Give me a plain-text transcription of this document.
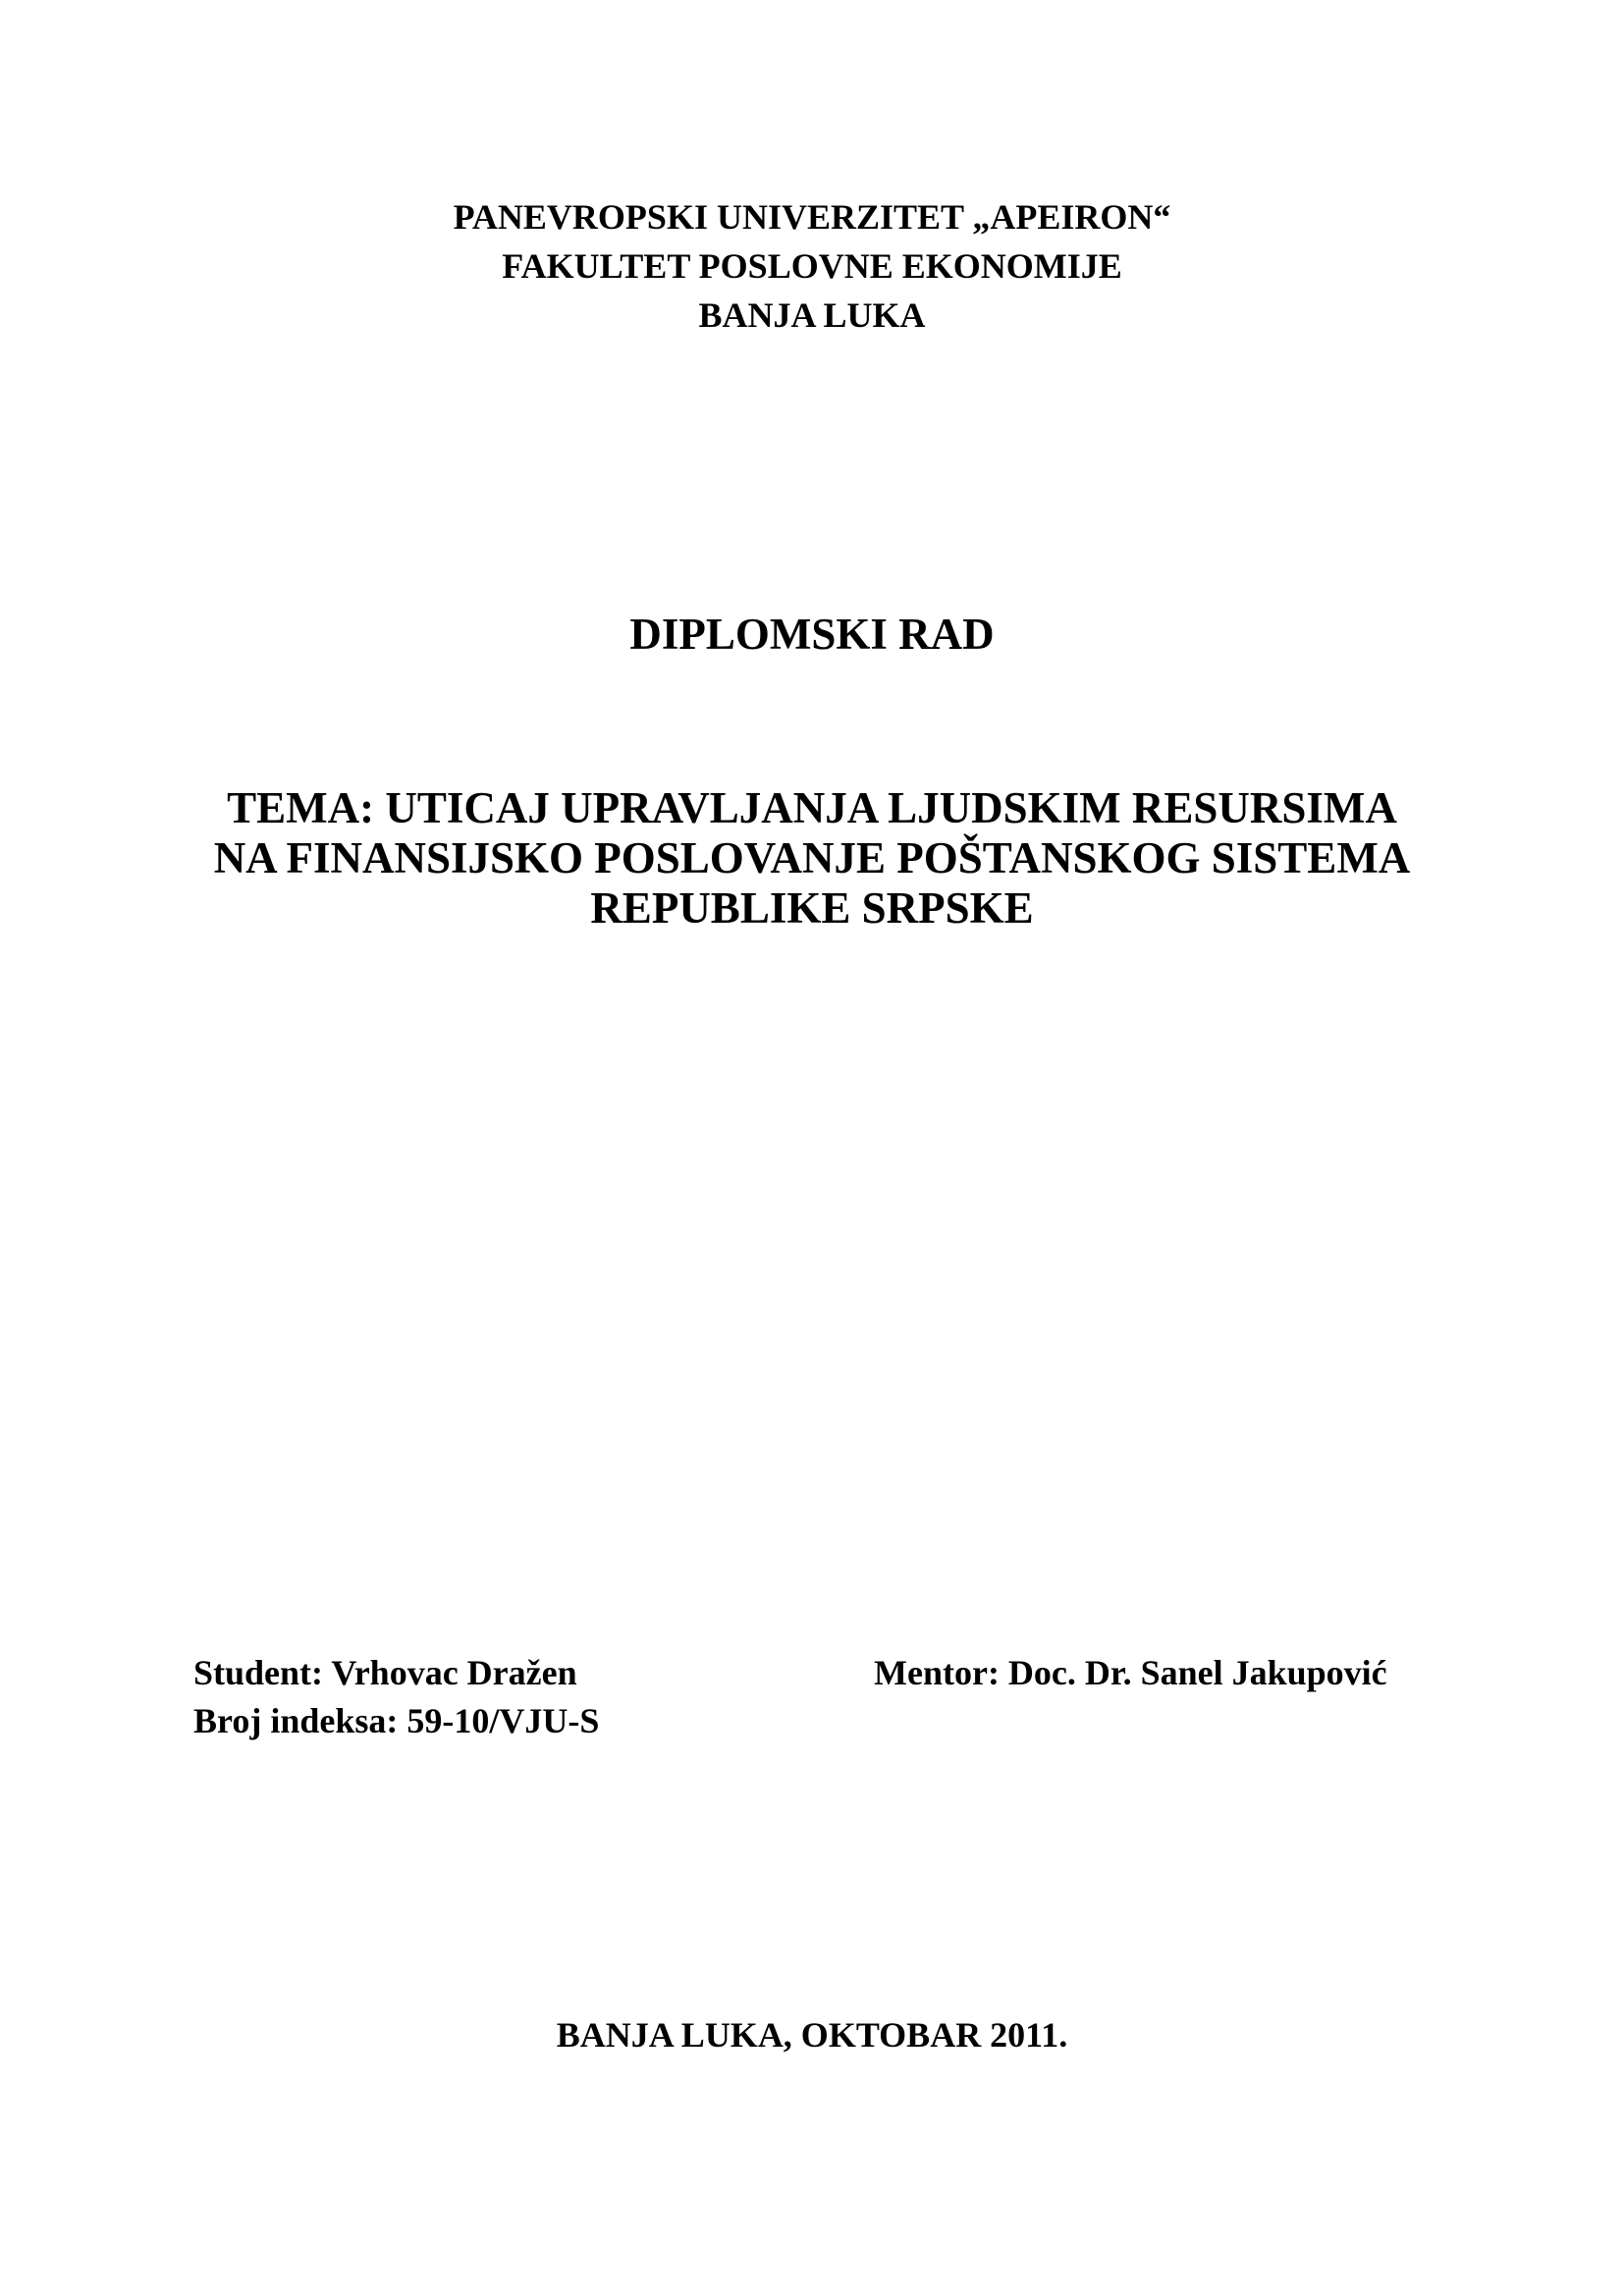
PANEVROPSKI UNIVERZITET „APEIRON“
FAKULTET POSLOVNE EKONOMIJE
BANJA LUKA
DIPLOMSKI RAD
TEMA: UTICAJ UPRAVLJANJA LJUDSKIM RESURSIMA
NA FINANSIJSKO POSLOVANJE POŠTANSKOG SISTEMA
REPUBLIKE SRPSKE
Student: Vrhovac Dražen
Broj indeksa: 59-10/VJU-S
Mentor: Doc. Dr. Sanel Jakupović
BANJA LUKA, OKTOBAR 2011.
